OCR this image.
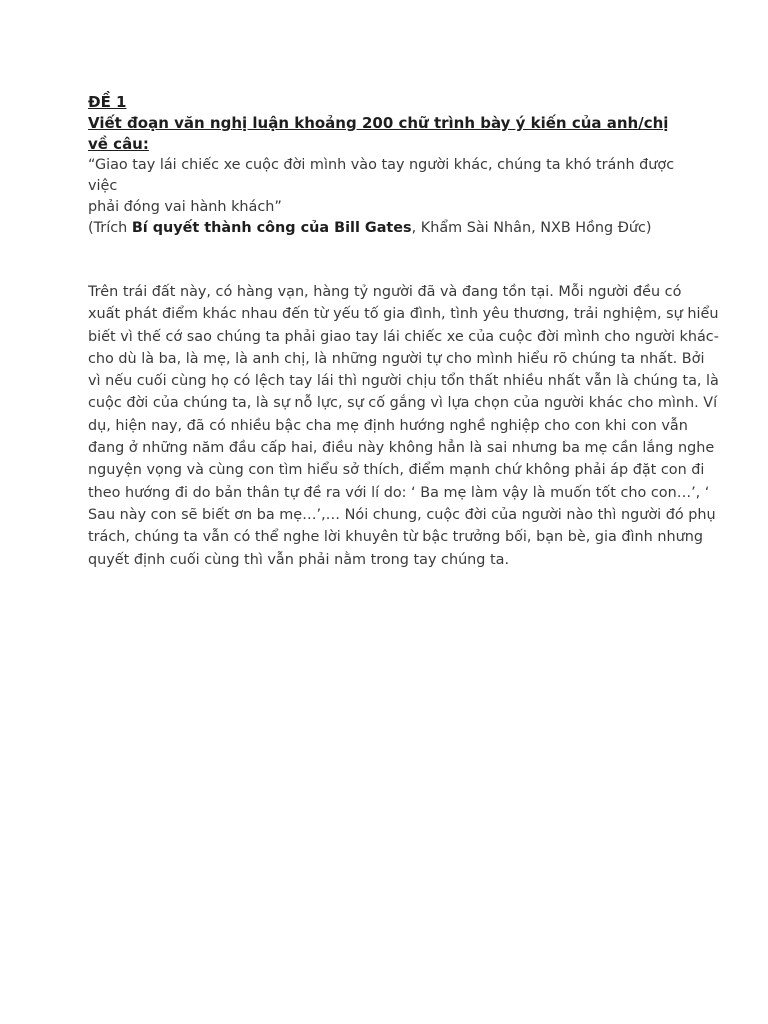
ĐỀ 1
Viết đoạn văn nghị luận khoảng 200 chữ trình bày ý kiến của anh/chị về câu:
“Giao tay lái chiếc xe cuộc đời mình vào tay người khác, chúng ta khó tránh được việc
phải đóng vai hành khách”
(Trích Bí quyết thành công của Bill Gates, Khẩm Sài Nhân, NXB Hồng Đức)
Trên trái đất này, có hàng vạn, hàng tỷ người đã và đang tồn tại. Mỗi người đều có
xuất phát điểm khác nhau đến từ yếu tố gia đình, tình yêu thương, trải nghiệm, sự hiểu
biết vì thế cớ sao chúng ta phải giao tay lái chiếc xe của cuộc đời mình cho người khác-
cho dù là ba, là mẹ, là anh chị, là những người tự cho mình hiểu rõ chúng ta nhất. Bởi
vì nếu cuối cùng họ có lệch tay lái thì người chịu tổn thất nhiều nhất vẫn là chúng ta, là
cuộc đời của chúng ta, là sự nỗ lực, sự cố gắng vì lựa chọn của người khác cho mình. Ví
dụ, hiện nay, đã có nhiều bậc cha mẹ định hướng nghề nghiệp cho con khi con vẫn
đang ở những năm đầu cấp hai, điều này không hẳn là sai nhưng ba mẹ cần lắng nghe
nguyện vọng và cùng con tìm hiểu sở thích, điểm mạnh chứ không phải áp đặt con đi
theo hướng đi do bản thân tự đề ra với lí do: ‘ Ba mẹ làm vậy là muốn tốt cho con…’, ‘
Sau này con sẽ biết ơn ba mẹ…’,… Nói chung, cuộc đời của người nào thì người đó phụ
trách, chúng ta vẫn có thể nghe lời khuyên từ bậc trưởng bối, bạn bè, gia đình nhưng
quyết định cuối cùng thì vẫn phải nằm trong tay chúng ta.
